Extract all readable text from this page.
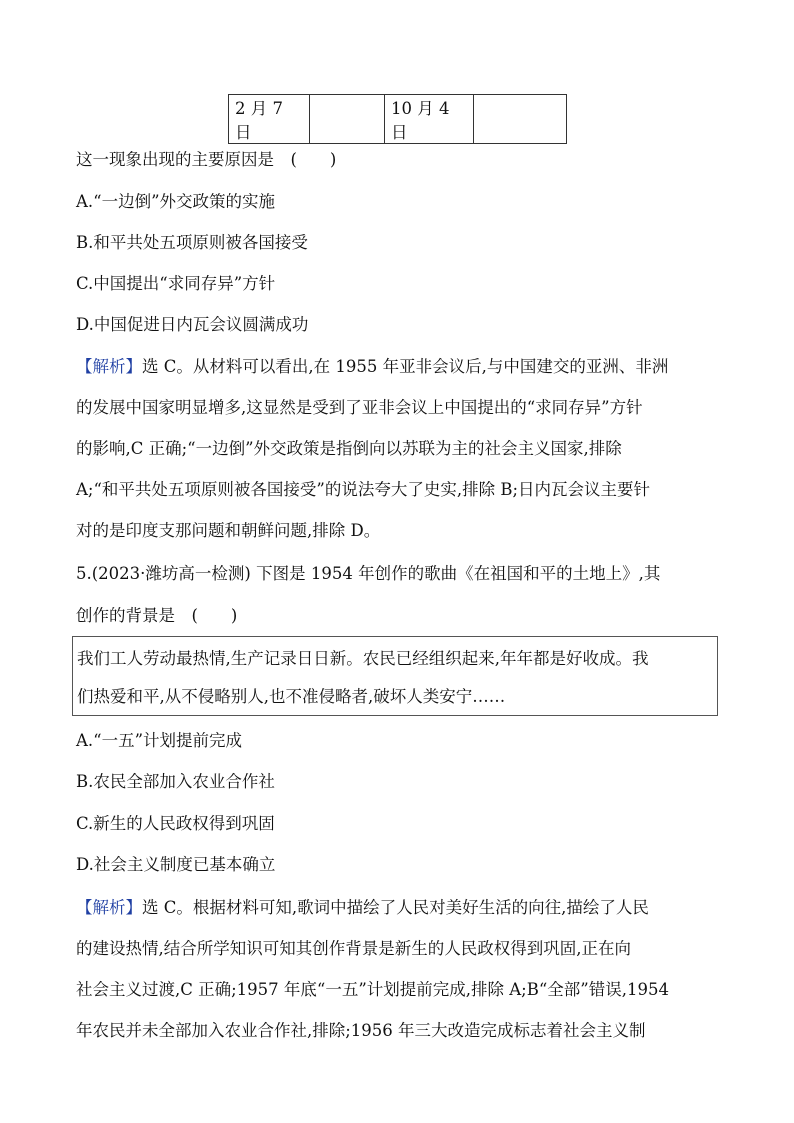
2 月 7 日		10 月 4 日	
这一现象出现的主要原因是　(　　)
A.“一边倒”外交政策的实施
B.和平共处五项原则被各国接受
C.中国提出“求同存异”方针
D.中国促进日内瓦会议圆满成功
【解析】选 C。从材料可以看出,在 1955 年亚非会议后,与中国建交的亚洲、非洲
的发展中国家明显增多,这显然是受到了亚非会议上中国提出的“求同存异”方针
的影响,C 正确;“一边倒”外交政策是指倒向以苏联为主的社会主义国家,排除
A;“和平共处五项原则被各国接受”的说法夸大了史实,排除 B;日内瓦会议主要针
对的是印度支那问题和朝鲜问题,排除 D。
5.(2023·潍坊高一检测) 下图是 1954 年创作的歌曲《在祖国和平的土地上》,其
创作的背景是　(　　)
我们工人劳动最热情,生产记录日日新。农民已经组织起来,年年都是好收成。我
们热爱和平,从不侵略别人,也不准侵略者,破坏人类安宁……
A.“一五”计划提前完成
B.农民全部加入农业合作社
C.新生的人民政权得到巩固
D.社会主义制度已基本确立
【解析】选 C。根据材料可知,歌词中描绘了人民对美好生活的向往,描绘了人民
的建设热情,结合所学知识可知其创作背景是新生的人民政权得到巩固,正在向
社会主义过渡,C 正确;1957 年底“一五”计划提前完成,排除 A;B“全部”错误,1954
年农民并未全部加入农业合作社,排除;1956 年三大改造完成标志着社会主义制
